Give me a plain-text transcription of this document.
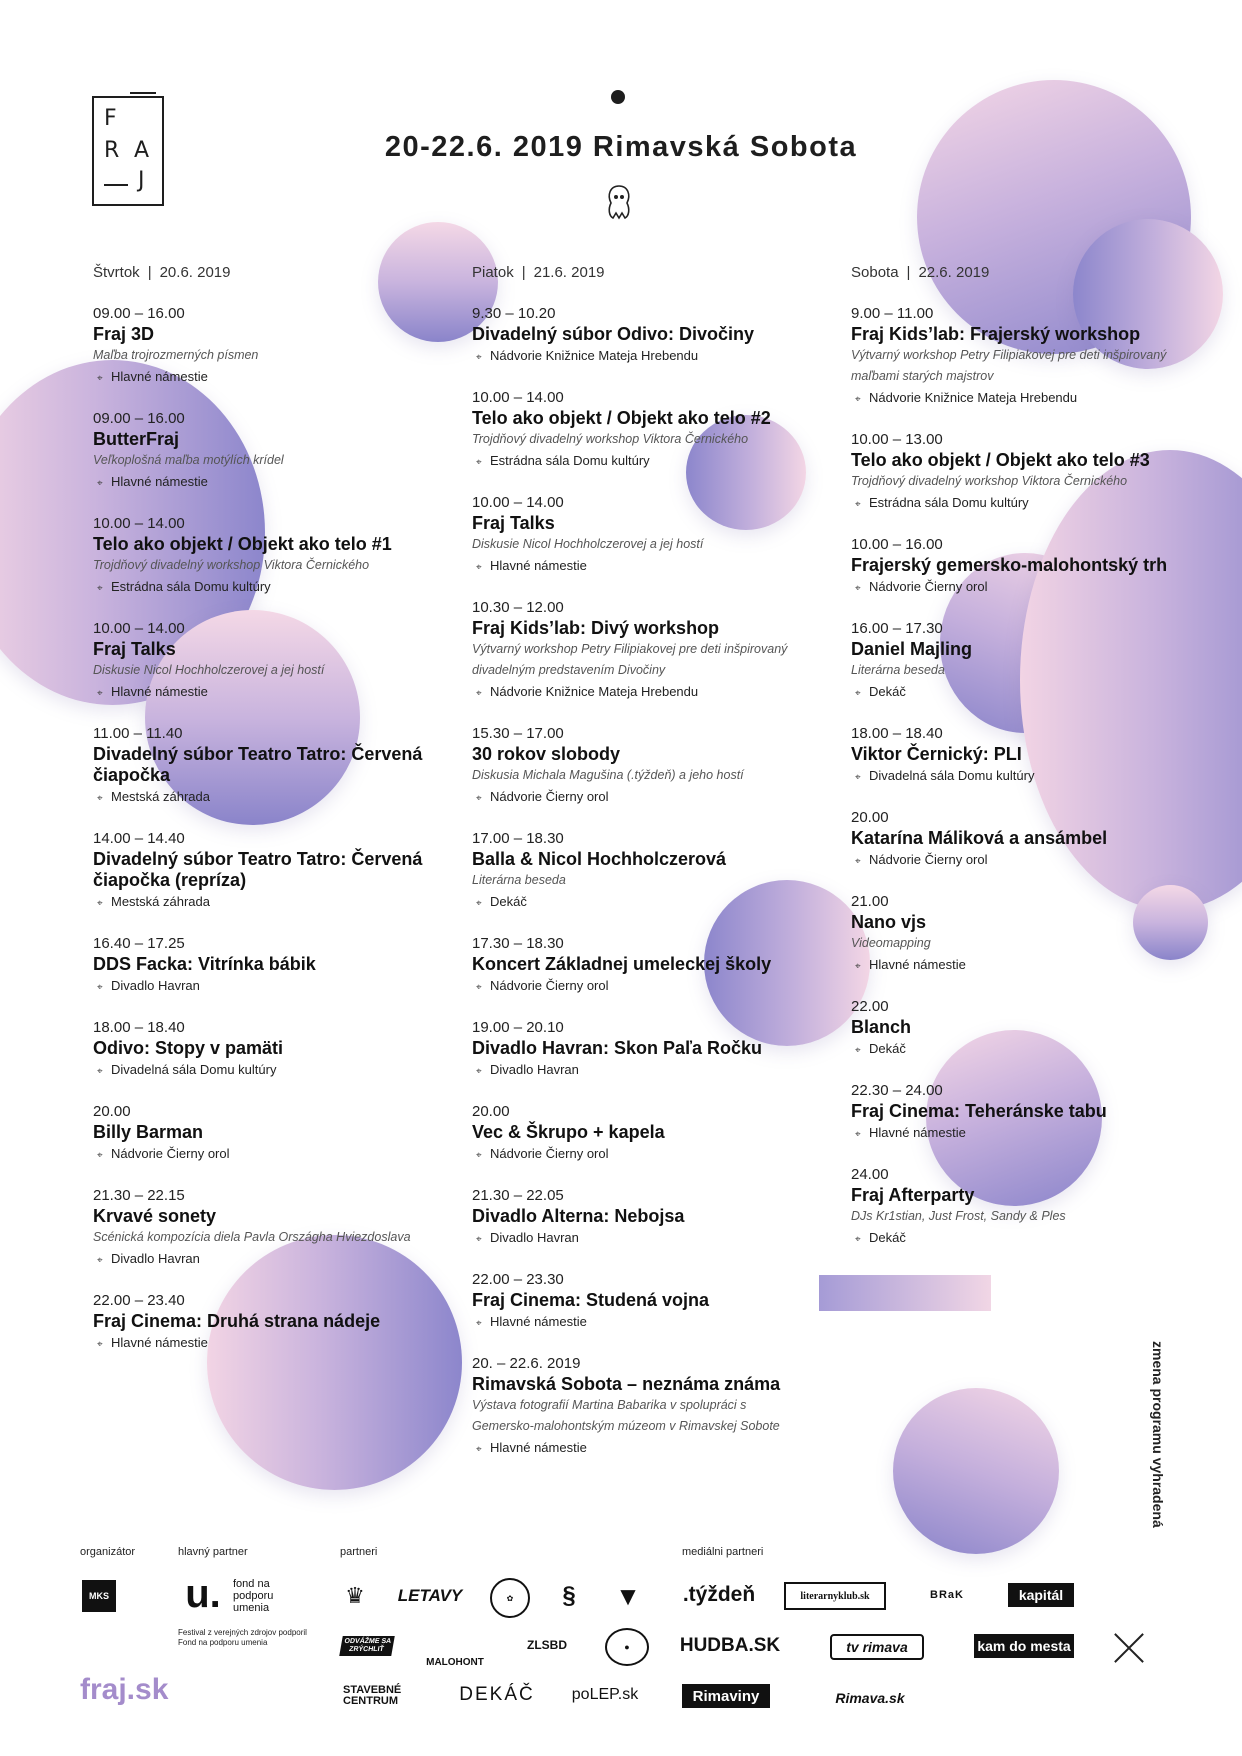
F
R A
J
20-22.6. 2019 Rimavská Sobota
Štvrtok | 20.6. 2019
09.00 – 16.00
Fraj 3D
Maľba trojrozmerných písmen
⌖ Hlavné námestie
09.00 – 16.00
ButterFraj
Veľkoplošná maľba motýlích krídel
⌖ Hlavné námestie
10.00 – 14.00
Telo ako objekt / Objekt ako telo #1
Trojdňový divadelný workshop Viktora Černického
⌖ Estrádna sála Domu kultúry
10.00 – 14.00
Fraj Talks
Diskusie Nicol Hochholczerovej a jej hostí
⌖ Hlavné námestie
11.00 – 11.40
Divadelný súbor Teatro Tatro: Červená čiapočka
⌖ Mestská záhrada
14.00 – 14.40
Divadelný súbor Teatro Tatro: Červená čiapočka (repríza)
⌖ Mestská záhrada
16.40 – 17.25
DDS Facka: Vitrínka bábik
⌖ Divadlo Havran
18.00 – 18.40
Odivo: Stopy v pamäti
⌖ Divadelná sála Domu kultúry
20.00
Billy Barman
⌖ Nádvorie Čierny orol
21.30 – 22.15
Krvavé sonety
Scénická kompozícia diela Pavla Országha Hviezdoslava
⌖ Divadlo Havran
22.00 – 23.40
Fraj Cinema: Druhá strana nádeje
⌖ Hlavné námestie
Piatok | 21.6. 2019
9.30 – 10.20
Divadelný súbor Odivo: Divočiny
⌖ Nádvorie Knižnice Mateja Hrebendu
10.00 – 14.00
Telo ako objekt / Objekt ako telo #2
Trojdňový divadelný workshop Viktora Černického
⌖ Estrádna sála Domu kultúry
10.00 – 14.00
Fraj Talks
Diskusie Nicol Hochholczerovej a jej hostí
⌖ Hlavné námestie
10.30 – 12.00
Fraj Kids’lab: Divý workshop
Výtvarný workshop Petry Filipiakovej pre deti inšpirovaný divadelným predstavením Divočiny
⌖ Nádvorie Knižnice Mateja Hrebendu
15.30 – 17.00
30 rokov slobody
Diskusia Michala Magušina (.týždeň) a jeho hostí
⌖ Nádvorie Čierny orol
17.00 – 18.30
Balla & Nicol Hochholczerová
Literárna beseda
⌖ Dekáč
17.30 – 18.30
Koncert Základnej umeleckej školy
⌖ Nádvorie Čierny orol
19.00 – 20.10
Divadlo Havran: Skon Paľa Ročku
⌖ Divadlo Havran
20.00
Vec & Škrupo + kapela
⌖ Nádvorie Čierny orol
21.30 – 22.05
Divadlo Alterna: Nebojsa
⌖ Divadlo Havran
22.00 – 23.30
Fraj Cinema: Studená vojna
⌖ Hlavné námestie
20. – 22.6. 2019
Rimavská Sobota – neznáma známa
Výstava fotografií Martina Babarika v spolupráci s Gemersko-malohontským múzeom v Rimavskej Sobote
⌖ Hlavné námestie
Sobota | 22.6. 2019
9.00 – 11.00
Fraj Kids’lab: Frajerský workshop
Výtvarný workshop Petry Filipiakovej pre deti inšpirovaný maľbami starých majstrov
⌖ Nádvorie Knižnice Mateja Hrebendu
10.00 – 13.00
Telo ako objekt / Objekt ako telo #3
Trojdňový divadelný workshop Viktora Černického
⌖ Estrádna sála Domu kultúry
10.00 – 16.00
Frajerský gemersko-malohontský trh
⌖ Nádvorie Čierny orol
16.00 – 17.30
Daniel Majling
Literárna beseda
⌖ Dekáč
18.00 – 18.40
Viktor Černický: PLI
⌖ Divadelná sála Domu kultúry
20.00
Katarína Máliková a ansámbel
⌖ Nádvorie Čierny orol
21.00
Nano vjs
Videomapping
⌖ Hlavné námestie
22.00
Blanch
⌖ Dekáč
22.30 – 24.00
Fraj Cinema: Teheránske tabu
⌖ Hlavné námestie
24.00
Fraj Afterparty
DJs Kr1stian, Just Frost, Sandy & Ples
⌖ Dekáč
zmena programu vyhradená
organizátor	hlavný partner	partneri	mediálni partneri
MKS u.	fond na podporu umenia
Festival z verejných zdrojov podporil Fond na podporu umenia
♛	LETAVY	✿	§ ▼
ODVÁŽME SA ZRÝCHLIŤ
MALOHONT
ZLSBD	●
STAVEBNÉ CENTRUM	DEKÁČ	poLEP.sk
.týždeň	literarnyklub.sk	BRaK	kapitál
HUDBA.SK	tv rimava	kam do mesta
Rimaviny	Rimava.sk
fraj.sk
